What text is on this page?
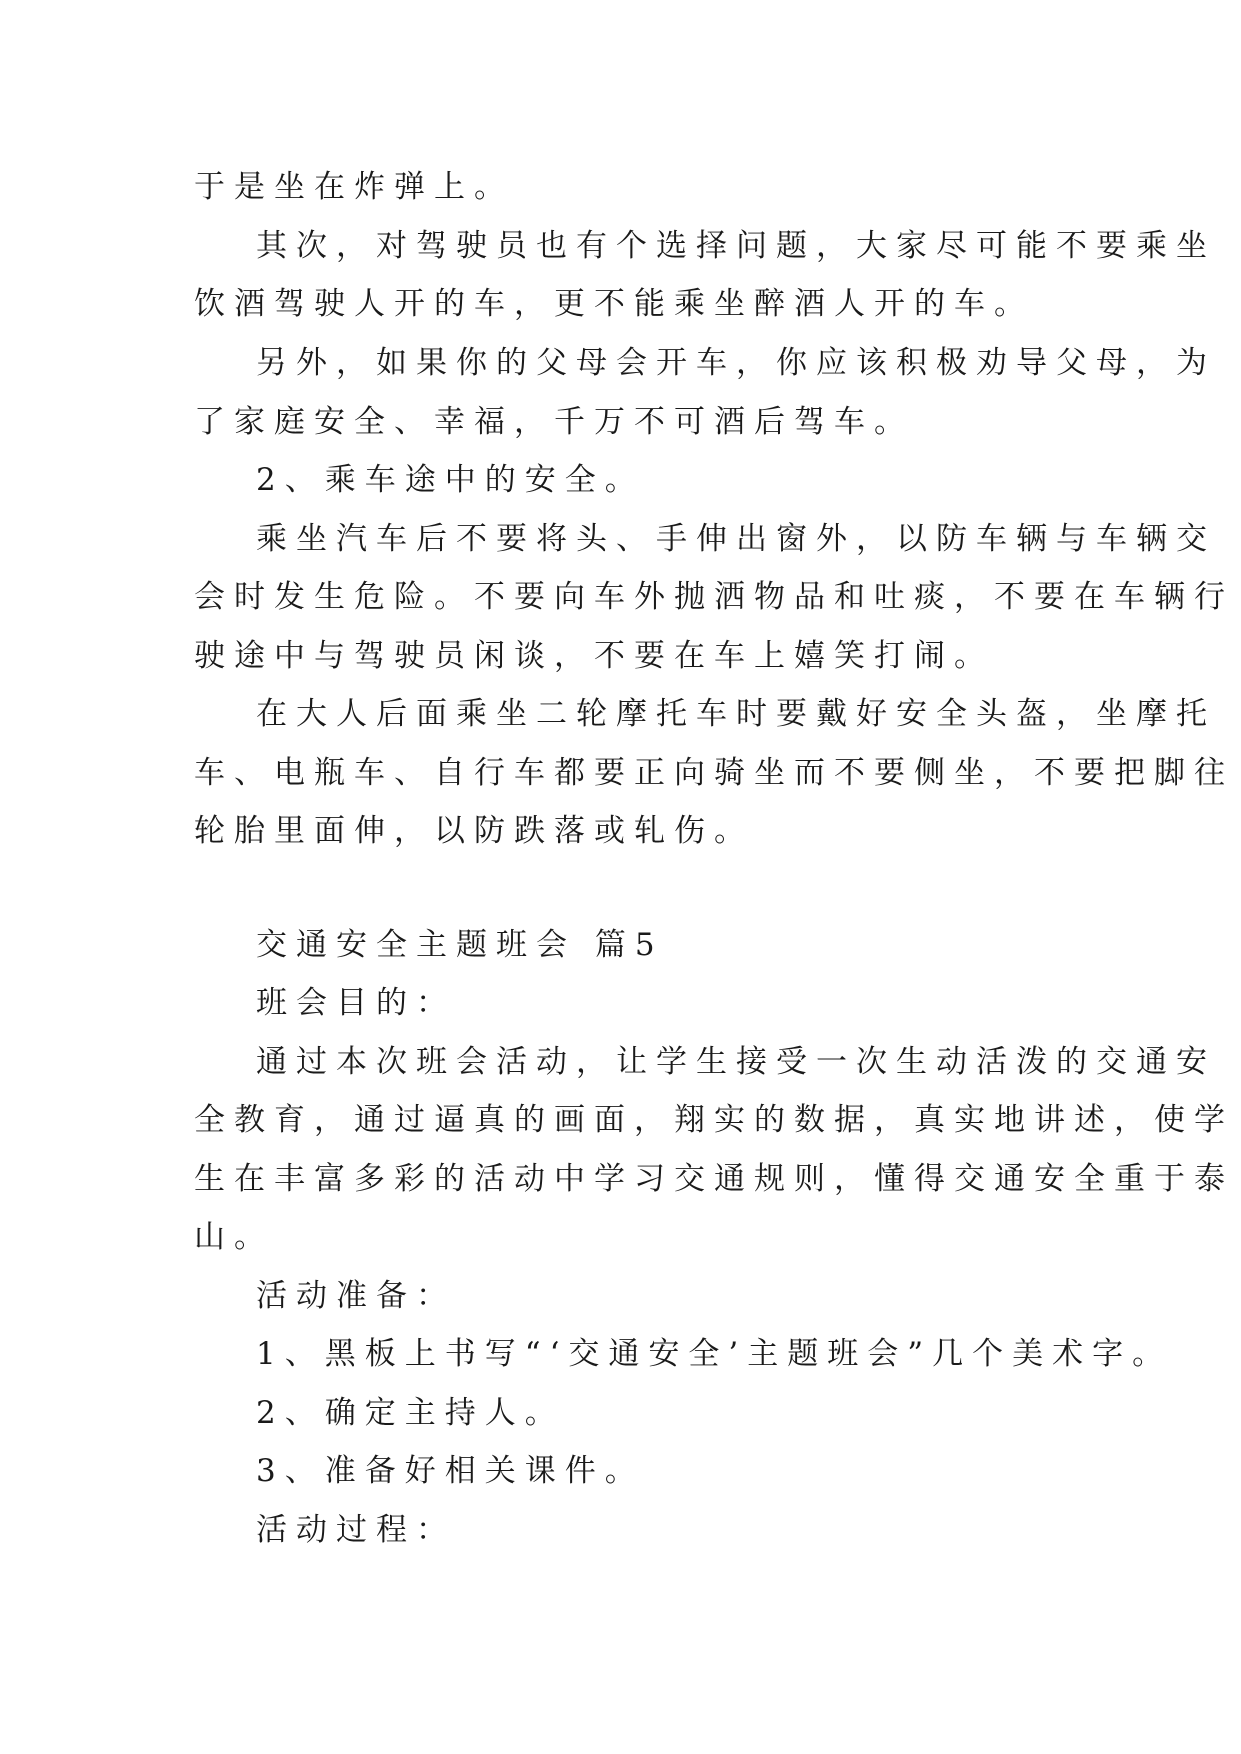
于是坐在炸弹上。
其次，对驾驶员也有个选择问题，大家尽可能不要乘坐
饮酒驾驶人开的车，更不能乘坐醉酒人开的车。
另外，如果你的父母会开车，你应该积极劝导父母，为
了家庭安全、幸福，千万不可酒后驾车。
2、乘车途中的安全。
乘坐汽车后不要将头、手伸出窗外，以防车辆与车辆交
会时发生危险。不要向车外抛洒物品和吐痰，不要在车辆行
驶途中与驾驶员闲谈，不要在车上嬉笑打闹。
在大人后面乘坐二轮摩托车时要戴好安全头盔，坐摩托
车、电瓶车、自行车都要正向骑坐而不要侧坐，不要把脚往
轮胎里面伸，以防跌落或轧伤。
交通安全主题班会 篇5
班会目的：
通过本次班会活动，让学生接受一次生动活泼的交通安
全教育，通过逼真的画面，翔实的数据，真实地讲述，使学
生在丰富多彩的活动中学习交通规则，懂得交通安全重于泰
山。
活动准备：
1、黑板上书写“‘交通安全’主题班会”几个美术字。
2、确定主持人。
3、准备好相关课件。
活动过程：
